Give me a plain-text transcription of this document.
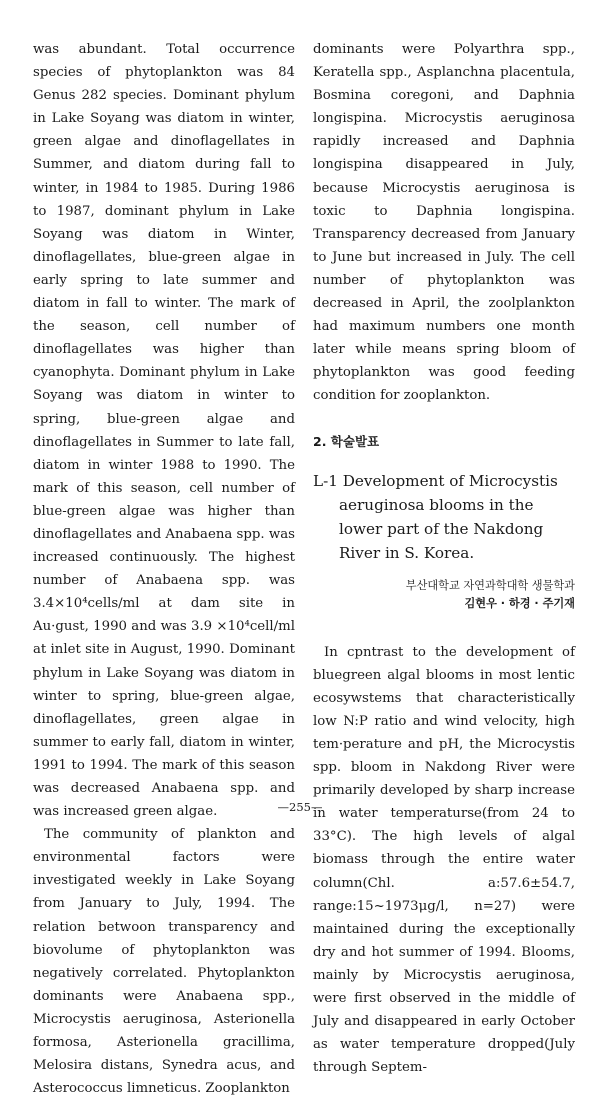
was abundant. Total occurrence species of phytoplankton was 84 Genus 282 species. Dominant phylum in Lake Soyang was diatom in winter, green algae and dinoflagellates in Summer, and diatom during fall to winter, in 1984 to 1985. During 1986 to 1987, dominant phylum in Lake Soyang was diatom in Winter, dinoflagellates, blue-green algae in early spring to late summer and diatom in fall to winter. The mark of the season, cell number of dinoflagellates was higher than cyanophyta. Dominant phylum in Lake Soyang was diatom in winter to spring, blue-green algae and dinoflagellates in Summer to late fall, diatom in winter 1988 to 1990. The mark of this season, cell number of blue-green algae was higher than dinoflagellates and Anabaena spp. was increased continuously. The highest number of Anabaena spp. was 3.4×10⁴cells/ml at dam site in Au·gust, 1990 and was 3.9 ×10⁴cell/ml at inlet site in August, 1990. Dominant phylum in Lake Soyang was diatom in winter to spring, blue-green algae, dinoflagellates, green algae in summer to early fall, diatom in winter, 1991 to 1994. The mark of this season was decreased Anabaena spp. and was increased green algae.

The community of plankton and environmental factors were investigated weekly in Lake Soyang from January to July, 1994. The relation betwoon transparency and biovolume of phytoplankton was negatively correlated. Phytoplankton dominants were Anabaena spp., Microcystis aeruginosa, Asterionella formosa, Asterionella gracillima, Melosira distans, Synedra acus, and Asterococcus limneticus. Zooplankton

dominants were Polyarthra spp., Keratella spp., Asplanchna placentula, Bosmina coregoni, and Daphnia longispina. Microcystis aeruginosa rapidly increased and Daphnia longispina disappeared in July, because Microcystis aeruginosa is toxic to Daphnia longispina. Transparency decreased from January to June but increased in July. The cell number of phytoplankton was decreased in April, the zoolplankton had maximum numbers one month later while means spring bloom of phytoplankton was good feeding condition for zooplankton.

2. 학술발표

L-1 Development of Microcystis aeruginosa blooms in the lower part of the Nakdong River in S. Korea.

부산대학교 자연과학대학 생물학과

김현우 · 하경 · 주기재

In cpntrast to the development of bluegreen algal blooms in most lentic ecosywstems that characteristically low N:P ratio and wind velocity, high tem·perature and pH, the Microcystis spp. bloom in Nakdong River were primarily developed by sharp increase in water temperaturse(from 24 to 33°C). The high levels of algal biomass through the entire water column(Chl. a:57.6±54.7, range:15~1973μg/l, n=27) were maintained during the exceptionally dry and hot summer of 1994. Blooms, mainly by Microcystis aeruginosa, were first observed in the middle of July and disappeared in early October as water temperature dropped(July through Septem-

—255—
